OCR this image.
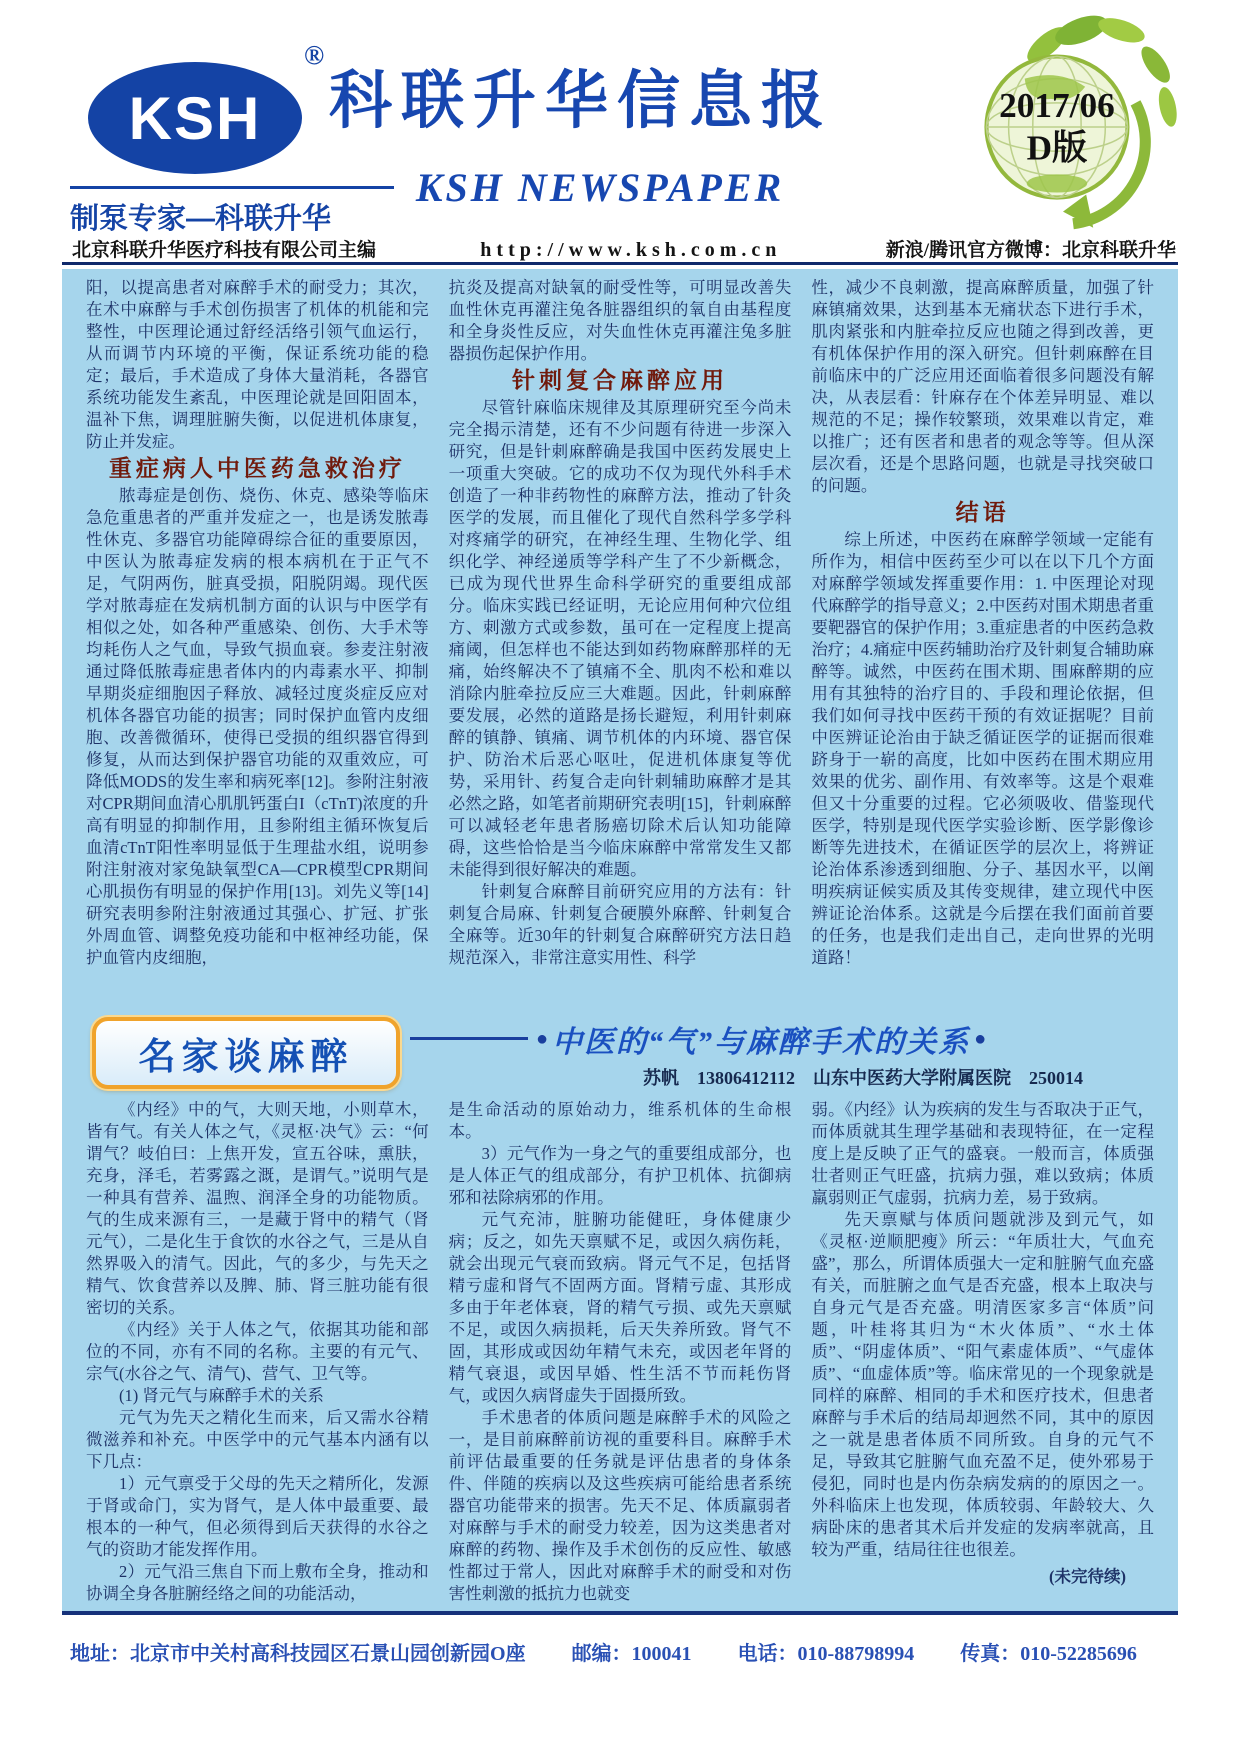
KSH
®
制泵专家—科联升华
科联升华信息报
KSH NEWSPAPER
2017/06
D版
北京科联升华医疗科技有限公司主编	http://www.ksh.com.cn	新浪/腾讯官方微博：北京科联升华

阳，以提高患者对麻醉手术的耐受力；其次，在术中麻醉与手术创伤损害了机体的机能和完整性，中医理论通过舒经活络引领气血运行，从而调节内环境的平衡，保证系统功能的稳定；最后，手术造成了身体大量消耗，各器官系统功能发生紊乱，中医理论就是回阳固本，温补下焦，调理脏腑失衡，以促进机体康复，防止并发症。

重症病人中医药急救治疗

脓毒症是创伤、烧伤、休克、感染等临床急危重患者的严重并发症之一，也是诱发脓毒性休克、多器官功能障碍综合征的重要原因，中医认为脓毒症发病的根本病机在于正气不足，气阴两伤，脏真受损，阳脱阴竭。现代医学对脓毒症在发病机制方面的认识与中医学有相似之处，如各种严重感染、创伤、大手术等均耗伤人之气血，导致气损血衰。参麦注射液通过降低脓毒症患者体内的内毒素水平、抑制早期炎症细胞因子释放、减轻过度炎症反应对机体各器官功能的损害；同时保护血管内皮细胞、改善微循环，使得已受损的组织器官得到修复，从而达到保护器官功能的双重效应，可降低MODS的发生率和病死率[12]。参附注射液对CPR期间血清心肌肌钙蛋白I（cTnT)浓度的升高有明显的抑制作用，且参附组主循环恢复后血清cTnT阳性率明显低于生理盐水组，说明参附注射液对家兔缺氧型CA—CPR模型CPR期间心肌损伤有明显的保护作用[13]。刘先义等[14]研究表明参附注射液通过其强心、扩冠、扩张外周血管、调整免疫功能和中枢神经功能，保护血管内皮细胞，

抗炎及提高对缺氧的耐受性等，可明显改善失血性休克再灌注兔各脏器组织的氧自由基程度和全身炎性反应，对失血性休克再灌注兔多脏器损伤起保护作用。

针刺复合麻醉应用

尽管针麻临床规律及其原理研究至今尚未完全揭示清楚，还有不少问题有待进一步深入研究，但是针刺麻醉确是我国中医药发展史上一项重大突破。它的成功不仅为现代外科手术创造了一种非药物性的麻醉方法，推动了针灸医学的发展，而且催化了现代自然科学多学科对疼痛学的研究，在神经生理、生物化学、组织化学、神经递质等学科产生了不少新概念，已成为现代世界生命科学研究的重要组成部分。临床实践已经证明，无论应用何种穴位组方、刺激方式或参数，虽可在一定程度上提高痛阈，但怎样也不能达到如药物麻醉那样的无痛，始终解决不了镇痛不全、肌肉不松和难以消除内脏牵拉反应三大难题。因此，针刺麻醉要发展，必然的道路是扬长避短，利用针刺麻醉的镇静、镇痛、调节机体的内环境、器官保护、防治术后恶心呕吐，促进机体康复等优势，采用针、药复合走向针刺辅助麻醉才是其必然之路，如笔者前期研究表明[15]，针刺麻醉可以减轻老年患者肠癌切除术后认知功能障碍，这些恰恰是当今临床麻醉中常常发生又都未能得到很好解决的难题。

针刺复合麻醉目前研究应用的方法有：针刺复合局麻、针刺复合硬膜外麻醉、针刺复合全麻等。近30年的针刺复合麻醉研究方法日趋规范深入，非常注意实用性、科学

性，减少不良刺激，提高麻醉质量，加强了针麻镇痛效果，达到基本无痛状态下进行手术，肌肉紧张和内脏牵拉反应也随之得到改善，更有机体保护作用的深入研究。但针刺麻醉在目前临床中的广泛应用还面临着很多问题没有解决，从表层看：针麻存在个体差异明显、难以规范的不足；操作较繁琐，效果难以肯定，难以推广；还有医者和患者的观念等等。但从深层次看，还是个思路问题，也就是寻找突破口的问题。

结语

综上所述，中医药在麻醉学领域一定能有所作为，相信中医药至少可以在以下几个方面对麻醉学领域发挥重要作用：1. 中医理论对现代麻醉学的指导意义；2.中医药对围术期患者重要靶器官的保护作用；3.重症患者的中医药急救治疗；4.痛症中医药辅助治疗及针刺复合辅助麻醉等。诚然，中医药在围术期、围麻醉期的应用有其独特的治疗目的、手段和理论依据，但我们如何寻找中医药干预的有效证据呢？目前中医辨证论治由于缺乏循证医学的证据而很难跻身于一崭的高度，比如中医药在围术期应用效果的优劣、副作用、有效率等。这是个艰难但又十分重要的过程。它必须吸收、借鉴现代医学，特别是现代医学实验诊断、医学影像诊断等先进技术，在循证医学的层次上，将辨证论治体系渗透到细胞、分子、基因水平，以阐明疾病证候实质及其传变规律，建立现代中医辨证论治体系。这就是今后摆在我们面前首要的任务，也是我们走出自己，走向世界的光明道路！

名家谈麻醉	● 中医的“气”与麻醉手术的关系 ●
苏帆　13806412112　山东中医药大学附属医院　250014

《内经》中的气，大则天地，小则草木，皆有气。有关人体之气，《灵枢·决气》云：“何谓气？岐伯曰：上焦开发，宣五谷味，熏肤，充身，泽毛，若雾露之溉，是谓气。”说明气是一种具有营养、温煦、润泽全身的功能物质。气的生成来源有三，一是藏于肾中的精气（肾元气），二是化生于食饮的水谷之气，三是从自然界吸入的清气。因此，气的多少，与先天之精气、饮食营养以及脾、肺、肾三脏功能有很密切的关系。

《内经》关于人体之气，依据其功能和部位的不同，亦有不同的名称。主要的有元气、宗气(水谷之气、清气)、营气、卫气等。

(1) 肾元气与麻醉手术的关系

元气为先天之精化生而来，后又需水谷精微滋养和补充。中医学中的元气基本内涵有以下几点：

1）元气禀受于父母的先天之精所化，发源于肾或命门，实为肾气，是人体中最重要、最根本的一种气，但必须得到后天获得的水谷之气的资助才能发挥作用。

2）元气沿三焦自下而上敷布全身，推动和协调全身各脏腑经络之间的功能活动，

是生命活动的原始动力，维系机体的生命根本。

3）元气作为一身之气的重要组成部分，也是人体正气的组成部分，有护卫机体、抗御病邪和祛除病邪的作用。

元气充沛，脏腑功能健旺，身体健康少病；反之，如先天禀赋不足，或因久病伤耗，就会出现元气衰而致病。肾元气不足，包括肾精亏虚和肾气不固两方面。肾精亏虚、其形成多由于年老体衰，肾的精气亏损、或先天禀赋不足，或因久病损耗，后天失养所致。肾气不固，其形成或因幼年精气未充，或因老年肾的精气衰退，或因早婚、性生活不节而耗伤肾气，或因久病肾虚失于固摄所致。

手术患者的体质问题是麻醉手术的风险之一，是目前麻醉前访视的重要科目。麻醉手术前评估最重要的任务就是评估患者的身体条件、伴随的疾病以及这些疾病可能给患者系统器官功能带来的损害。先天不足、体质羸弱者对麻醉与手术的耐受力较差，因为这类患者对麻醉的药物、操作及手术创伤的反应性、敏感性都过于常人，因此对麻醉手术的耐受和对伤害性刺激的抵抗力也就变

弱。《内经》认为疾病的发生与否取决于正气，而体质就其生理学基础和表现特征，在一定程度上是反映了正气的盛衰。一般而言，体质强壮者则正气旺盛，抗病力强，难以致病；体质羸弱则正气虚弱，抗病力差，易于致病。

先天禀赋与体质问题就涉及到元气，如《灵枢·逆顺肥瘦》所云：“年质壮大，气血充盛”，那么，所谓体质强大一定和脏腑气血充盛有关，而脏腑之血气是否充盛，根本上取决与自身元气是否充盛。明清医家多言“体质”问题，叶桂将其归为“木火体质”、“水土体质”、“阴虚体质”、“阳气素虚体质”、“气虚体质”、“血虚体质”等。临床常见的一个现象就是同样的麻醉、相同的手术和医疗技术，但患者麻醉与手术后的结局却迥然不同，其中的原因之一就是患者体质不同所致。自身的元气不足，导致其它脏腑气血充盈不足，使外邪易于侵犯，同时也是内伤杂病发病的的原因之一。外科临床上也发现，体质较弱、年龄较大、久病卧床的患者其术后并发症的发病率就高，且较为严重，结局往往也很差。

(未完待续)
地址：北京市中关村高科技园区石景山园创新园O座 邮编：100041 电话：010-88798994 传真：010-52285696
